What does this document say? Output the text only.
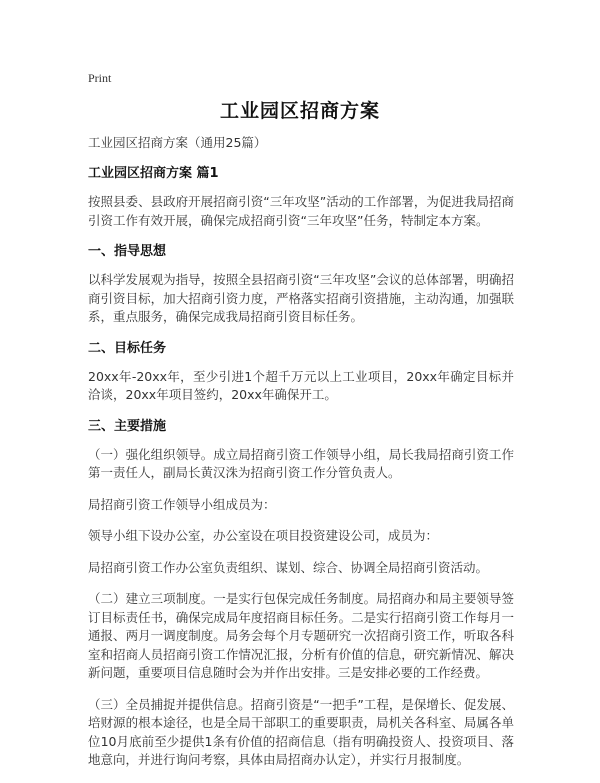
Print
工业园区招商方案

工业园区招商方案（通用25篇）

工业园区招商方案 篇1

按照县委、县政府开展招商引资“三年攻坚”活动的工作部署，为促进我局招商引资工作有效开展，确保完成招商引资“三年攻坚”任务，特制定本方案。

一、指导思想

以科学发展观为指导，按照全县招商引资“三年攻坚”会议的总体部署，明确招商引资目标，加大招商引资力度，严格落实招商引资措施，主动沟通，加强联系，重点服务，确保完成我局招商引资目标任务。

二、目标任务

20xx年-20xx年，至少引进1个超千万元以上工业项目，20xx年确定目标并洽谈，20xx年项目签约，20xx年确保开工。

三、主要措施

（一）强化组织领导。成立局招商引资工作领导小组，局长我局招商引资工作第一责任人，副局长黄汉洙为招商引资工作分管负责人。

局招商引资工作领导小组成员为：

领导小组下设办公室，办公室设在项目投资建设公司，成员为：

局招商引资工作办公室负责组织、谋划、综合、协调全局招商引资活动。

（二）建立三项制度。一是实行包保完成任务制度。局招商办和局主要领导签订目标责任书，确保完成局年度招商目标任务。二是实行招商引资工作每月一通报、两月一调度制度。局务会每个月专题研究一次招商引资工作，听取各科室和招商人员招商引资工作情况汇报，分析有价值的信息，研究新情况、解决新问题，重要项目信息随时会为并作出安排。三是安排必要的工作经费。

（三）全员捕捉并提供信息。招商引资是“一把手”工程，是保增长、促发展、培财源的根本途径，也是全局干部职工的重要职责，局机关各科室、局属各单位10月底前至少提供1条有价值的招商信息（指有明确投资人、投资项目、落地意向，并进行询问考察，具体由局招商办认定），并实行月报制度。
